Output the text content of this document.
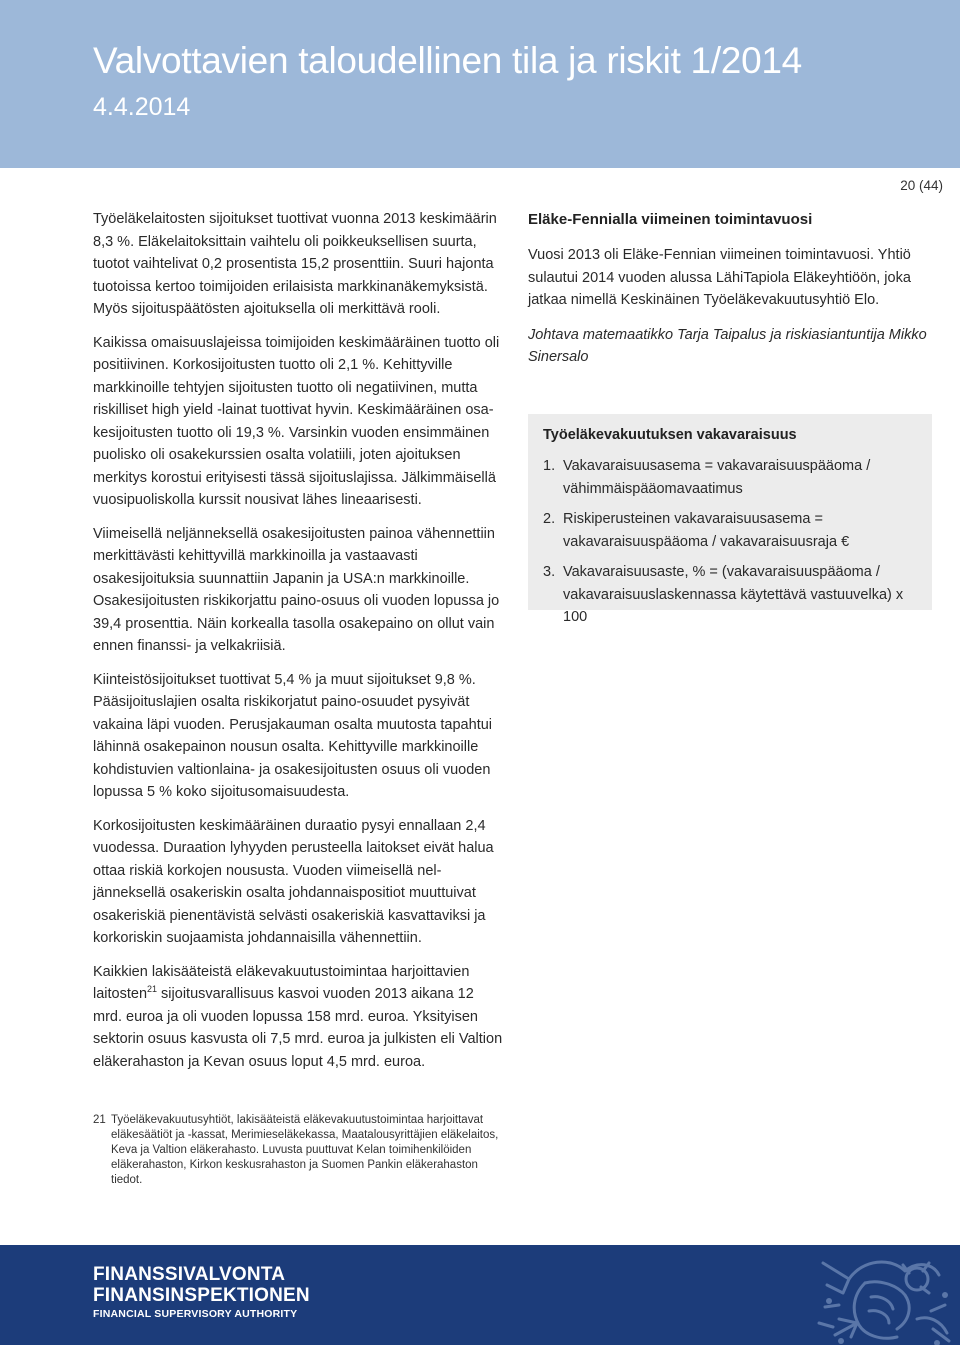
Valvottavien taloudellinen tila ja riskit 1/2014
4.4.2014
20 (44)

Työeläkelaitosten sijoitukset tuottivat vuonna 2013 keskimäärin 8,3 %. Eläkelaitoksittain vaihtelu oli poikkeuksellisen suurta, tuotot vaihtelivat 0,2 prosentista 15,2 prosenttiin. Suuri hajonta tuotoissa kertoo toimijoiden erilaisista markkinanäkemyksistä. Myös sijoituspäätösten ajoituksella oli merkittävä rooli.

Kaikissa omaisuuslajeissa toimijoiden keskimääräinen tuotto oli positiivinen. Korkosijoitusten tuotto oli 2,1 %. Kehittyville markkinoille tehtyjen sijoitusten tuotto oli negatiivinen, mutta riskilliset high yield -lainat tuottivat hyvin. Keskimääräinen osakesijoitusten tuotto oli 19,3 %. Varsinkin vuoden ensimmäinen puolisko oli osakekurssien osalta volatiili, joten ajoituksen merkitys korostui erityisesti tässä sijoituslajissa. Jälkimmäisellä vuosipuoliskolla kurssit nousivat lähes lineaarisesti.

Viimeisellä neljänneksellä osakesijoitusten painoa vähennettiin merkittävästi kehittyvillä markkinoilla ja vastaavasti osakesijoituksia suunnattiin Japanin ja USA:n markkinoille. Osakesijoitusten riskikorjattu paino-osuus oli vuoden lopussa jo 39,4 prosenttia. Näin korkealla tasolla osakepaino on ollut vain ennen finanssi- ja velkakriisiä.

Kiinteistösijoitukset tuottivat 5,4 % ja muut sijoitukset 9,8 %. Pääsijoituslajien osalta riskikorjatut paino-osuudet pysyivät vakaina läpi vuoden. Perusjakauman osalta muutosta tapahtui lähinnä osakepainon nousun osalta. Kehittyville markkinoille kohdistuvien valtionlaina- ja osakesijoitusten osuus oli vuoden lopussa 5 % koko sijoitusomaisuudesta.

Korkosijoitusten keskimääräinen duraatio pysyi ennallaan 2,4 vuodessa. Duraation lyhyyden perusteella laitokset eivät halua ottaa riskiä korkojen noususta. Vuoden viimeisellä neljänneksellä osakeriskin osalta johdannaispositiot muuttuivat osakeriskiä pienentävistä selvästi osakeriskiä kasvattaviksi ja korkoriskin suojaamista johdannaisilla vähennettiin.

Kaikkien lakisääteistä eläkevakuutustoimintaa harjoittavien laitosten$^{21}$ sijoitusvarallisuus kasvoi vuoden 2013 aikana 12 mrd. euroa ja oli vuoden lopussa 158 mrd. euroa. Yksityisen sektorin osuus kasvusta oli 7,5 mrd. euroa ja julkisten eli Valtion eläkerahaston ja Kevan osuus loput 4,5 mrd. euroa.

Eläke-Fennialla viimeinen toimintavuosi

Vuosi 2013 oli Eläke-Fennian viimeinen toimintavuosi. Yhtiö sulautui 2014 vuoden alussa LähiTapiola Eläkeyhtiöön, joka jatkaa nimellä Keskinäinen Työeläkevakuutusyhtiö Elo.

Johtava matemaatikko Tarja Taipalus ja riskiasiantuntija Mikko Sinersalo

Työeläkevakuutuksen vakavaraisuus
1. Vakavaraisuusasema = vakavaraisuuspääoma / vähimmäispääomavaatimus
2. Riskiperusteinen vakavaraisuusasema = vakavaraisuuspääoma / vakavaraisuusraja €
3. Vakavaraisuusaste, % = (vakavaraisuuspääoma / vakavaraisuuslaskennassa käytettävä vastuuvelka) x 100
21 Työeläkevakuutusyhtiöt, lakisääteistä eläkevakuutustoimintaa harjoittavat eläkesäätiöt ja -kassat, Merimieseläkekassa, Maatalousyrittäjien eläkelaitos, Keva ja Valtion eläkerahasto. Luvusta puuttuvat Kelan toimihenkilöiden eläkerahaston, Kirkon keskusrahaston ja Suomen Pankin eläkerahaston tiedot.
FINANSSIVALVONTA
FINANSINSPEKTIONEN
FINANCIAL SUPERVISORY AUTHORITY
